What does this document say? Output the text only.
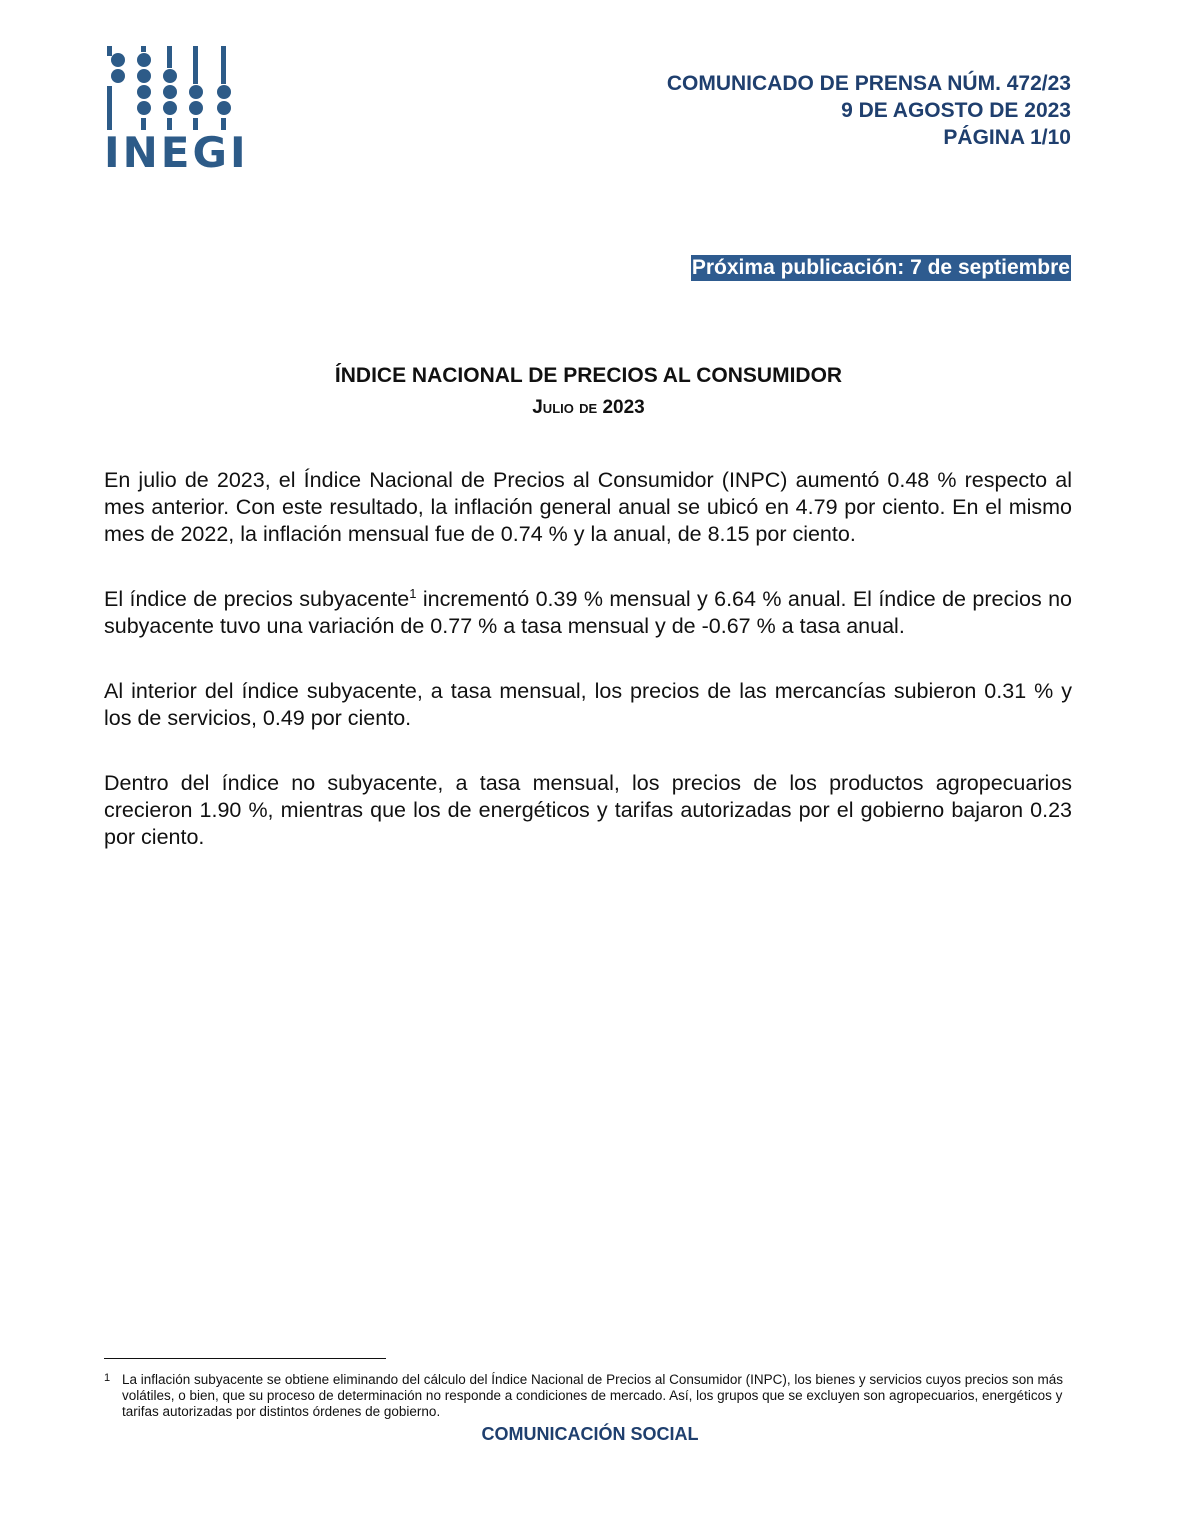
INEGI
COMUNICADO DE PRENSA NÚM. 472/23
9 DE AGOSTO DE 2023
PÁGINA 1/10
Próxima publicación: 7 de septiembre
ÍNDICE NACIONAL DE PRECIOS AL CONSUMIDOR
Julio de 2023

En julio de 2023, el Índice Nacional de Precios al Consumidor (INPC) aumentó 0.48 % respecto al mes anterior. Con este resultado, la inflación general anual se ubicó en 4.79 por ciento. En el mismo mes de 2022, la inflación mensual fue de 0.74 % y la anual, de 8.15 por ciento.

El índice de precios subyacente$^1$ incrementó 0.39 % mensual y 6.64 % anual. El índice de precios no subyacente tuvo una variación de 0.77 % a tasa mensual y de -0.67 % a tasa anual.

Al interior del índice subyacente, a tasa mensual, los precios de las mercancías subieron 0.31 % y los de servicios, 0.49 por ciento.

Dentro del índice no subyacente, a tasa mensual, los precios de los productos agropecuarios crecieron 1.90 %, mientras que los de energéticos y tarifas autorizadas por el gobierno bajaron 0.23 por ciento.

1 La inflación subyacente se obtiene eliminando del cálculo del Índice Nacional de Precios al Consumidor (INPC), los bienes y servicios cuyos precios son más volátiles, o bien, que su proceso de determinación no responde a condiciones de mercado. Así, los grupos que se excluyen son agropecuarios, energéticos y tarifas autorizadas por distintos órdenes de gobierno.
COMUNICACIÓN SOCIAL
